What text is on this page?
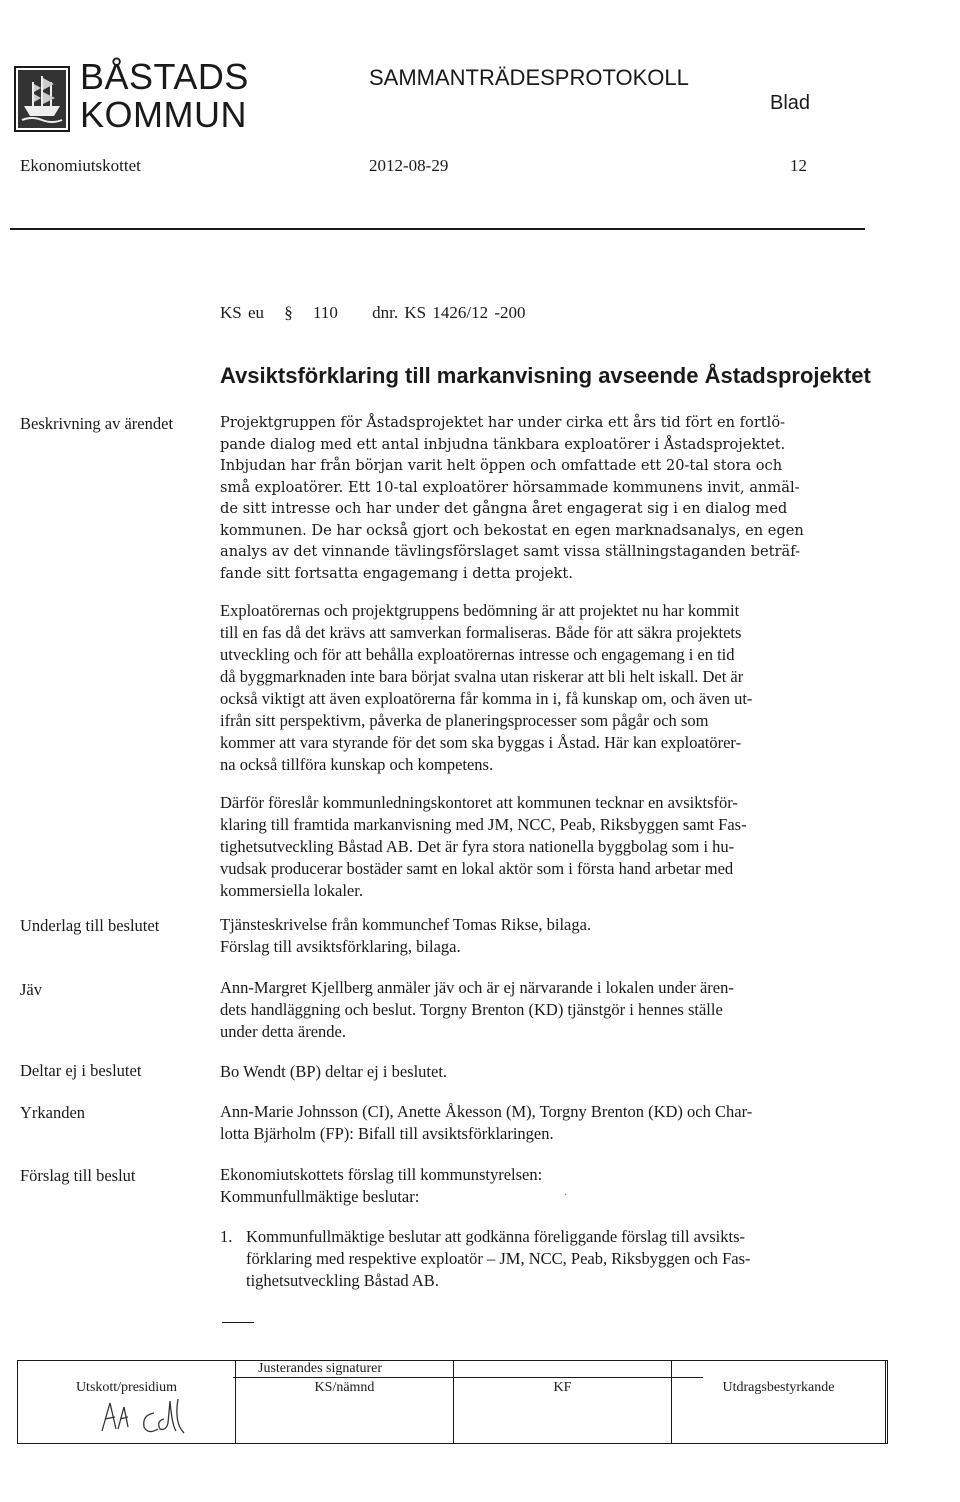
BÅSTADS
KOMMUN
SAMMANTRÄDESPROTOKOLL
Blad
Ekonomiutskottet	2012-08-29	12
KS eu § 110 dnr. KS 1426/12 -200
Avsiktsförklaring till markanvisning avseende Åstadsprojektet
Beskrivning av ärendet	Projektgruppen för Åstadsprojektet har under cirka ett års tid fört en fortlö-
pande dialog med ett antal inbjudna tänkbara exploatörer i Åstadsprojektet.
Inbjudan har från början varit helt öppen och omfattade ett 20-tal stora och
små exploatörer. Ett 10-tal exploatörer hörsammade kommunens invit, anmäl-
de sitt intresse och har under det gångna året engagerat sig i en dialog med
kommunen. De har också gjort och bekostat en egen marknadsanalys, en egen
analys av det vinnande tävlingsförslaget samt vissa ställningstaganden beträf-
fande sitt fortsatta engagemang i detta projekt.
Exploatörernas och projektgruppens bedömning är att projektet nu har kommit
till en fas då det krävs att samverkan formaliseras. Både för att säkra projektets
utveckling och för att behålla exploatörernas intresse och engagemang i en tid
då byggmarknaden inte bara börjat svalna utan riskerar att bli helt iskall. Det är
också viktigt att även exploatörerna får komma in i, få kunskap om, och även ut-
ifrån sitt perspektivm, påverka de planeringsprocesser som pågår och som
kommer att vara styrande för det som ska byggas i Åstad. Här kan exploatörer-
na också tillföra kunskap och kompetens.
Därför föreslår kommunledningskontoret att kommunen tecknar en avsiktsför-
klaring till framtida markanvisning med JM, NCC, Peab, Riksbyggen samt Fas-
tighetsutveckling Båstad AB. Det är fyra stora nationella byggbolag som i hu-
vudsak producerar bostäder samt en lokal aktör som i första hand arbetar med
kommersiella lokaler.
Underlag till beslutet	Tjänsteskrivelse från kommunchef Tomas Rikse, bilaga.
Förslag till avsiktsförklaring, bilaga.
Jäv	Ann-Margret Kjellberg anmäler jäv och är ej närvarande i lokalen under ären-
dets handläggning och beslut. Torgny Brenton (KD) tjänstgör i hennes ställe
under detta ärende.
Deltar ej i beslutet	Bo Wendt (BP) deltar ej i beslutet.
Yrkanden	Ann-Marie Johnsson (CI), Anette Åkesson (M), Torgny Brenton (KD) och Char-
lotta Bjärholm (FP): Bifall till avsiktsförklaringen.
Förslag till beslut	Ekonomiutskottets förslag till kommunstyrelsen:
Kommunfullmäktige beslutar:	·
1. Kommunfullmäktige beslutar att godkänna föreliggande förslag till avsikts-
förklaring med respektive exploatör – JM, NCC, Peab, Riksbyggen och Fas-
tighetsutveckling Båstad AB.
Utskott/presidium	KS/nämnd	KF	Utdragsbestyrkande
Justerandes signaturer
